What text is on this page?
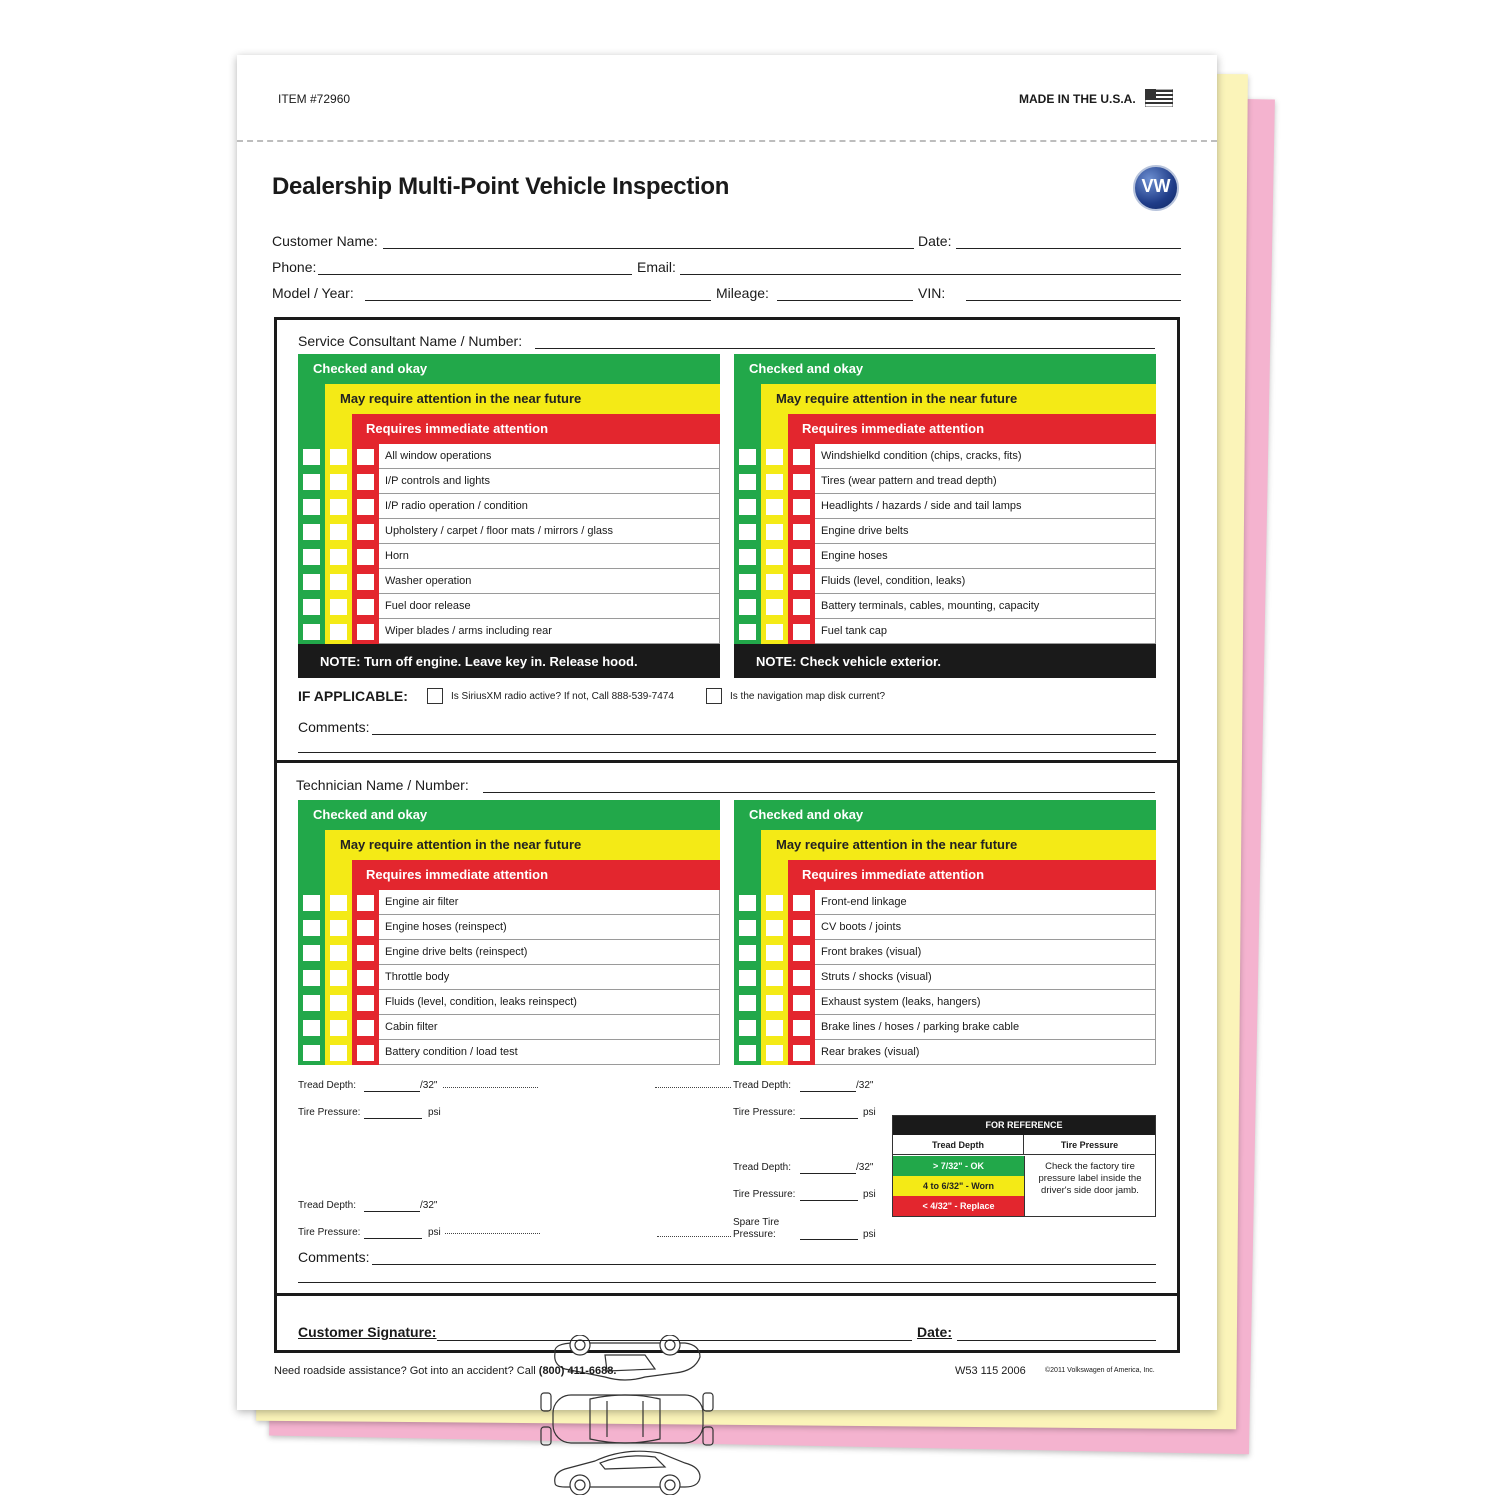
ITEM #72960	MADE IN THE U.S.A.
Dealership Multi-Point Vehicle Inspection	VW
Customer Name:	Date:
Phone:	Email:
Model / Year:	Mileage:	VIN:
Service Consultant Name / Number:
Checked and okay
May require attention in the near future
Requires immediate attention
All window operations
I/P controls and lights
I/P radio operation / condition
Upholstery / carpet / floor mats / mirrors / glass
Horn
Washer operation
Fuel door release
Wiper blades / arms including rear
NOTE: Turn off engine. Leave key in. Release hood.
Checked and okay
May require attention in the near future
Requires immediate attention
Windshielkd condition (chips, cracks, fits)
Tires (wear pattern and tread depth)
Headlights / hazards / side and tail lamps
Engine drive belts
Engine hoses
Fluids (level, condition, leaks)
Battery terminals, cables, mounting, capacity
Fuel tank cap
NOTE: Check vehicle exterior.
IF APPLICABLE:	Is SiriusXM radio active? If not, Call 888-539-7474	Is the navigation map disk current?
Comments:
Technician Name / Number:
Checked and okay
May require attention in the near future
Requires immediate attention
Engine air filter
Engine hoses (reinspect)
Engine drive belts (reinspect)
Throttle body
Fluids (level, condition, leaks reinspect)
Cabin filter
Battery condition / load test
Checked and okay
May require attention in the near future
Requires immediate attention
Front-end linkage
CV boots / joints
Front brakes (visual)
Struts / shocks (visual)
Exhaust system (leaks, hangers)
Brake lines / hoses / parking brake cable
Rear brakes (visual)
Tread Depth:	/32"
Tire Pressure:	psi
Tread Depth:	/32"
Tire Pressure:	psi
Tread Depth:	/32"
Tire Pressure:	psi
Tread Depth:	/32"
Tire Pressure:	psi
Spare Tire
Pressure:	psi
FOR REFERENCE
Tread Depth	Tire Pressure
> 7/32" - OK
4 to 6/32" - Worn
< 4/32" - Replace
Check the factory tire pressure label inside the driver's side door jamb.
Comments:
Customer Signature:	Date:
Need roadside assistance? Got into an accident? Call (800) 411-6688.	W53 115 2006	©2011 Volkswagen of America, Inc.
